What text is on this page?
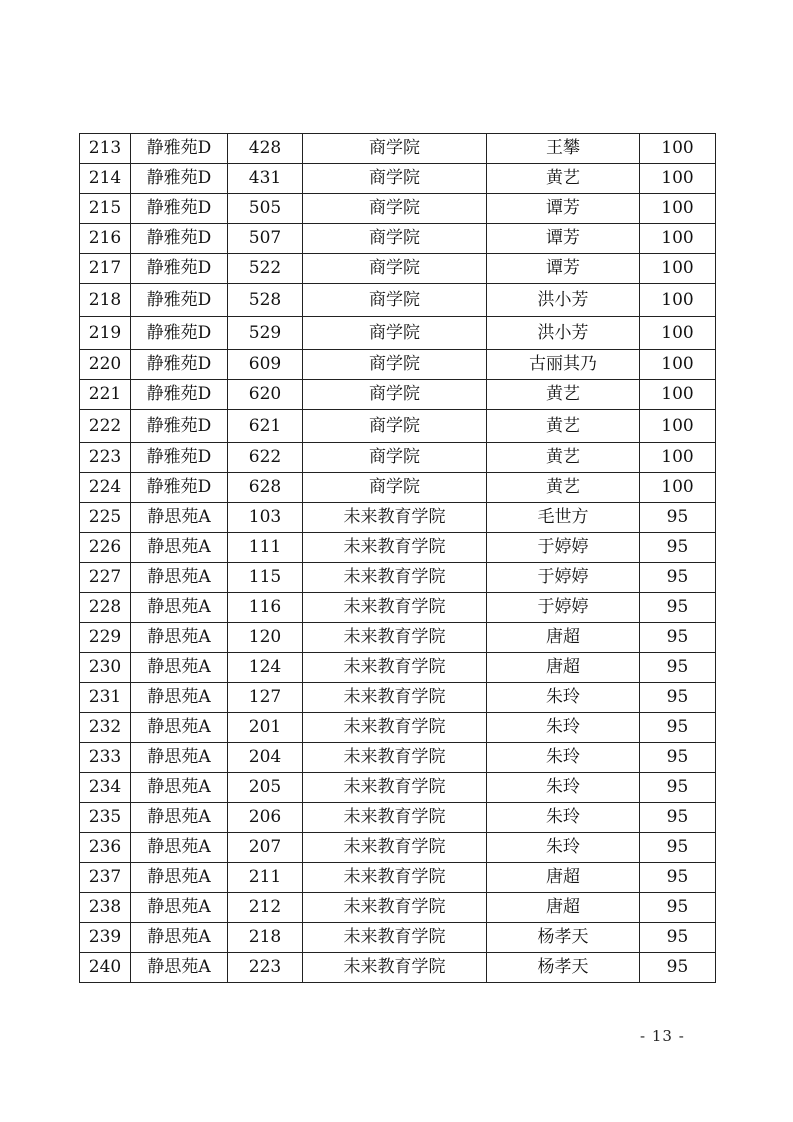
213	静雅苑D	428	商学院	王攀	100
214	静雅苑D	431	商学院	黄艺	100
215	静雅苑D	505	商学院	谭芳	100
216	静雅苑D	507	商学院	谭芳	100
217	静雅苑D	522	商学院	谭芳	100
218	静雅苑D	528	商学院	洪小芳	100
219	静雅苑D	529	商学院	洪小芳	100
220	静雅苑D	609	商学院	古丽其乃	100
221	静雅苑D	620	商学院	黄艺	100
222	静雅苑D	621	商学院	黄艺	100
223	静雅苑D	622	商学院	黄艺	100
224	静雅苑D	628	商学院	黄艺	100
225	静思苑A	103	未来教育学院	毛世方	95
226	静思苑A	111	未来教育学院	于婷婷	95
227	静思苑A	115	未来教育学院	于婷婷	95
228	静思苑A	116	未来教育学院	于婷婷	95
229	静思苑A	120	未来教育学院	唐超	95
230	静思苑A	124	未来教育学院	唐超	95
231	静思苑A	127	未来教育学院	朱玲	95
232	静思苑A	201	未来教育学院	朱玲	95
233	静思苑A	204	未来教育学院	朱玲	95
234	静思苑A	205	未来教育学院	朱玲	95
235	静思苑A	206	未来教育学院	朱玲	95
236	静思苑A	207	未来教育学院	朱玲	95
237	静思苑A	211	未来教育学院	唐超	95
238	静思苑A	212	未来教育学院	唐超	95
239	静思苑A	218	未来教育学院	杨孝天	95
240	静思苑A	223	未来教育学院	杨孝天	95
- 13 -
